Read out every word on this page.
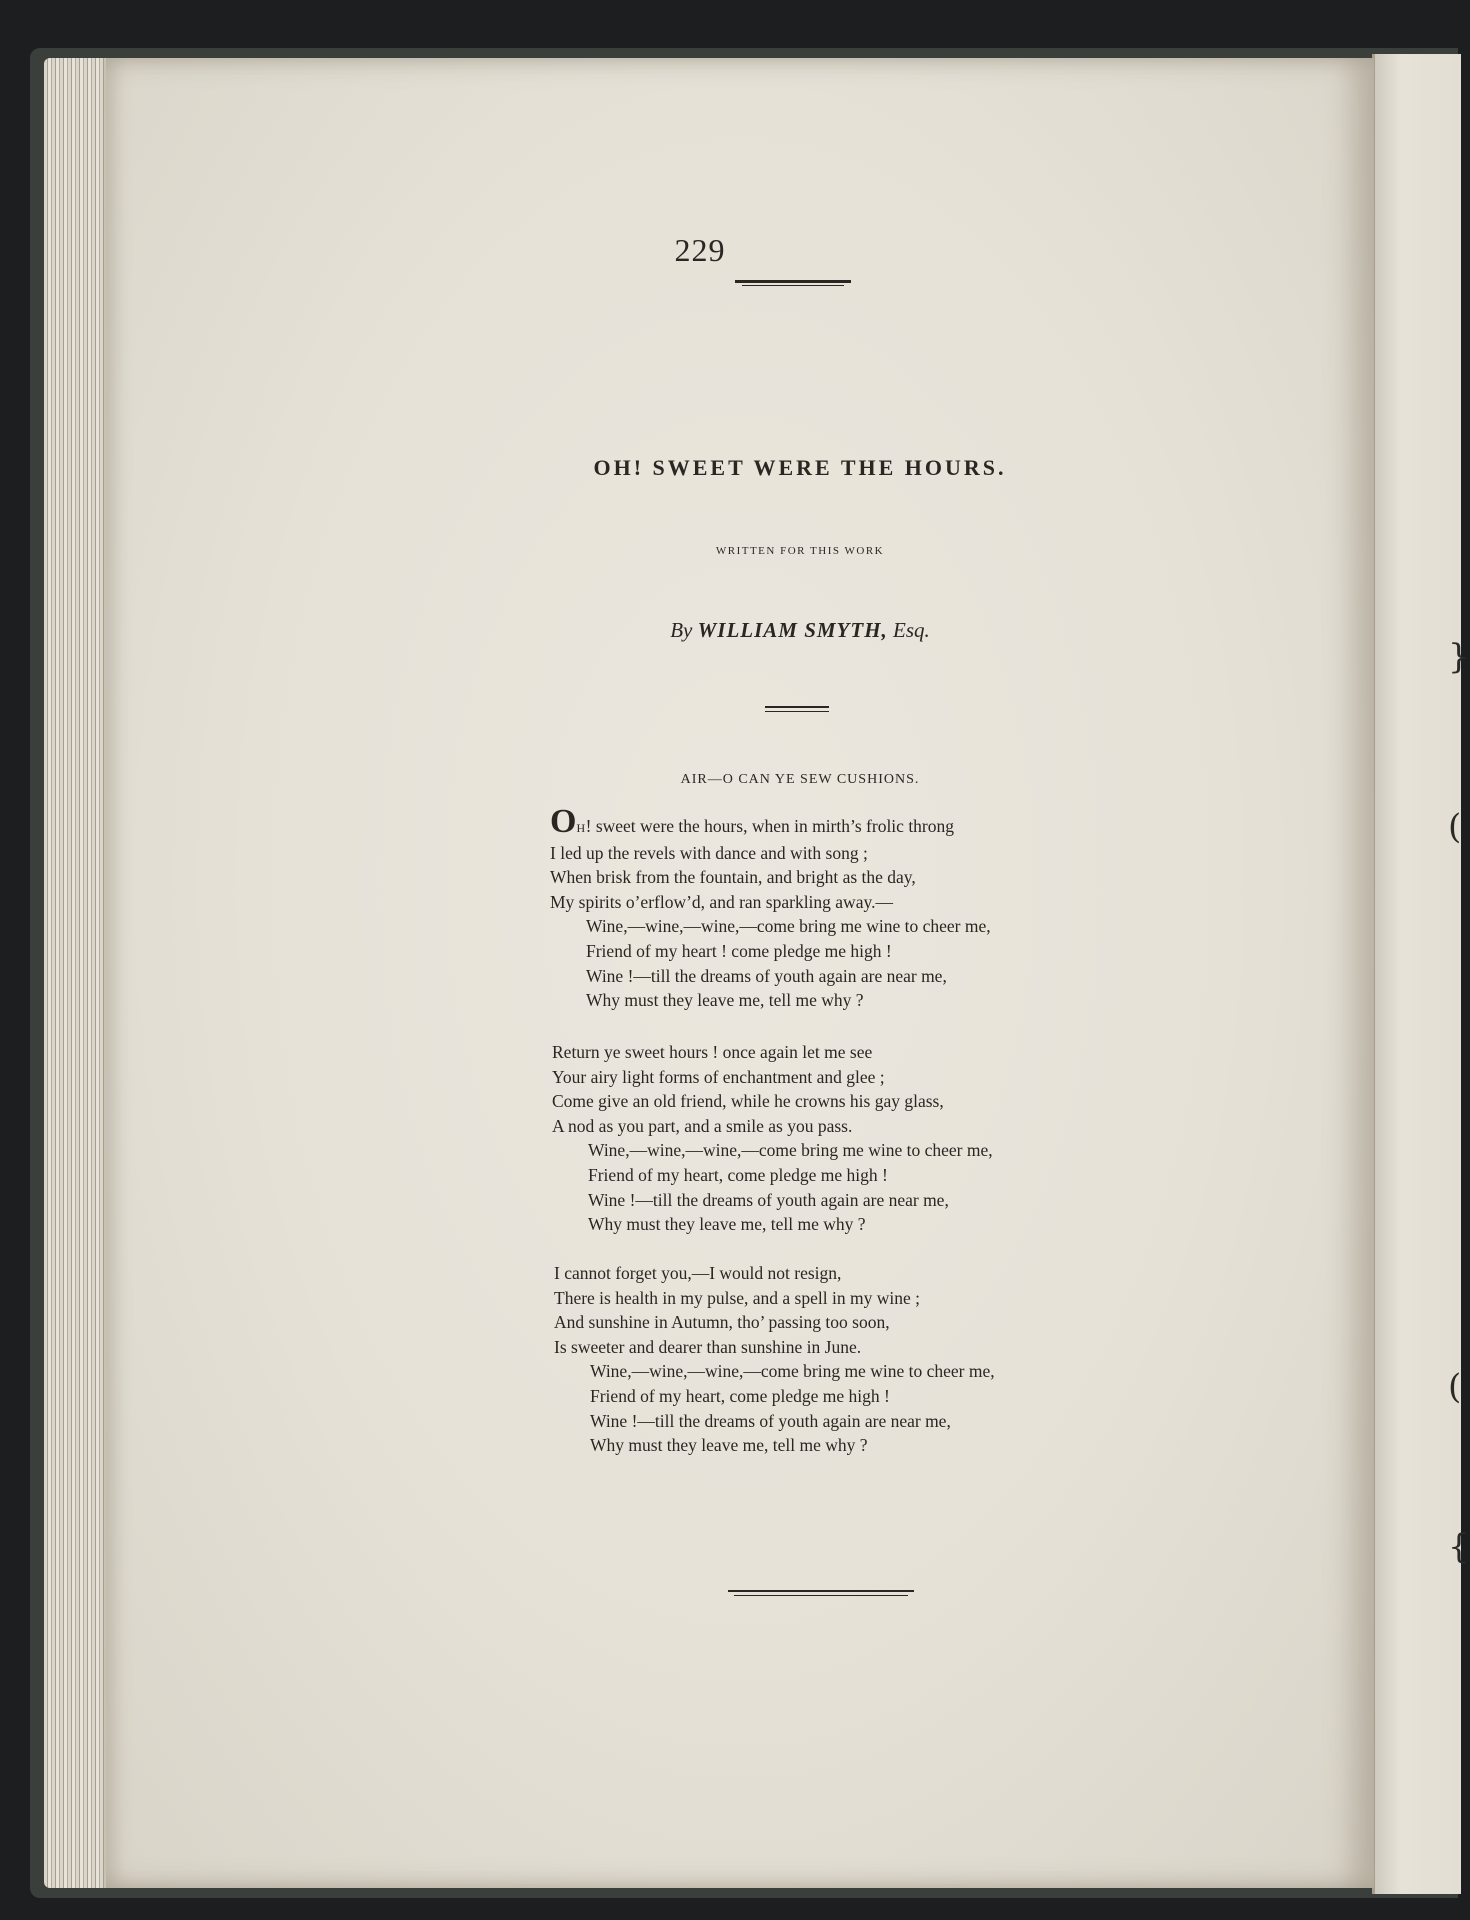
}
(
(
{
229
OH! SWEET WERE THE HOURS.
WRITTEN FOR THIS WORK
By WILLIAM SMYTH, Esq.
AIR—O CAN YE SEW CUSHIONS.
OH! sweet were the hours, when in mirth’s frolic throng
I led up the revels with dance and with song ;
When brisk from the fountain, and bright as the day,
My spirits o’erflow’d, and ran sparkling away.—
Wine,—wine,—wine,—come bring me wine to cheer me,
Friend of my heart ! come pledge me high !
Wine !—till the dreams of youth again are near me,
Why must they leave me, tell me why ?
Return ye sweet hours ! once again let me see
Your airy light forms of enchantment and glee ;
Come give an old friend, while he crowns his gay glass,
A nod as you part, and a smile as you pass.
Wine,—wine,—wine,—come bring me wine to cheer me,
Friend of my heart, come pledge me high !
Wine !—till the dreams of youth again are near me,
Why must they leave me, tell me why ?
I cannot forget you,—I would not resign,
There is health in my pulse, and a spell in my wine ;
And sunshine in Autumn, tho’ passing too soon,
Is sweeter and dearer than sunshine in June.
Wine,—wine,—wine,—come bring me wine to cheer me,
Friend of my heart, come pledge me high !
Wine !—till the dreams of youth again are near me,
Why must they leave me, tell me why ?
